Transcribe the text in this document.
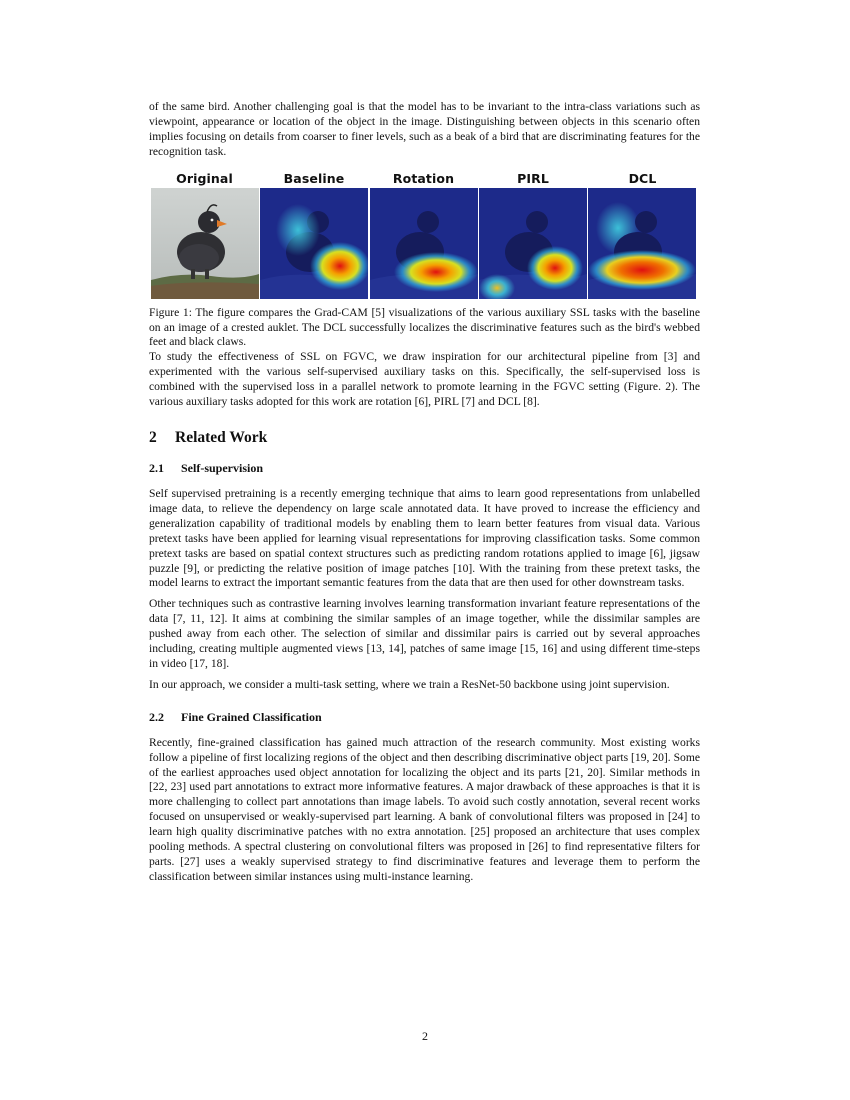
of the same bird. Another challenging goal is that the model has to be invariant to the intra-class variations such as viewpoint, appearance or location of the object in the image. Distinguishing between objects in this scenario often implies focusing on details from coarser to finer levels, such as a beak of a bird that are discriminating features for the recognition task.

Original	Baseline	Rotation	PIRL	DCL

Figure 1: The figure compares the Grad-CAM [5] visualizations of the various auxiliary SSL tasks with the baseline on an image of a crested auklet. The DCL successfully localizes the discriminative features such as the bird's webbed feet and black claws.

To study the effectiveness of SSL on FGVC, we draw inspiration for our architectural pipeline from [3] and experimented with the various self-supervised auxiliary tasks on this. Specifically, the self-supervised loss is combined with the supervised loss in a parallel network to promote learning in the FGVC setting (Figure. 2). The various auxiliary tasks adopted for this work are rotation [6], PIRL [7] and DCL [8].

2 Related Work
2.1 Self-supervision

Self supervised pretraining is a recently emerging technique that aims to learn good representations from unlabelled image data, to relieve the dependency on large scale annotated data. It have proved to increase the efficiency and generalization capability of traditional models by enabling them to learn better features from visual data. Various pretext tasks have been applied for learning visual representations for improving classification tasks. Some common pretext tasks are based on spatial context structures such as predicting random rotations applied to image [6], jigsaw puzzle [9], or predicting the relative position of image patches [10]. With the training from these pretext tasks, the model learns to extract the important semantic features from the data that are then used for other downstream tasks.

Other techniques such as contrastive learning involves learning transformation invariant feature representations of the data [7, 11, 12]. It aims at combining the similar samples of an image together, while the dissimilar samples are pushed away from each other. The selection of similar and dissimilar pairs is carried out by several approaches including, creating multiple augmented views [13, 14], patches of same image [15, 16] and using different time-steps in video [17, 18].

In our approach, we consider a multi-task setting, where we train a ResNet-50 backbone using joint supervision.

2.2 Fine Grained Classification

Recently, fine-grained classification has gained much attraction of the research community. Most existing works follow a pipeline of first localizing regions of the object and then describing discriminative object parts [19, 20]. Some of the earliest approaches used object annotation for localizing the object and its parts [21, 20]. Similar methods in [22, 23] used part annotations to extract more informative features. A major drawback of these approaches is that it is more challenging to collect part annotations than image labels. To avoid such costly annotation, several recent works focused on unsupervised or weakly-supervised part learning. A bank of convolutional filters was proposed in [24] to learn high quality discriminative patches with no extra annotation. [25] proposed an architecture that uses complex pooling methods. A spectral clustering on convolutional filters was proposed in [26] to find representative filters for parts. [27] uses a weakly supervised strategy to find discriminative features and leverage them to perform the classification between similar instances using multi-instance learning.

2
